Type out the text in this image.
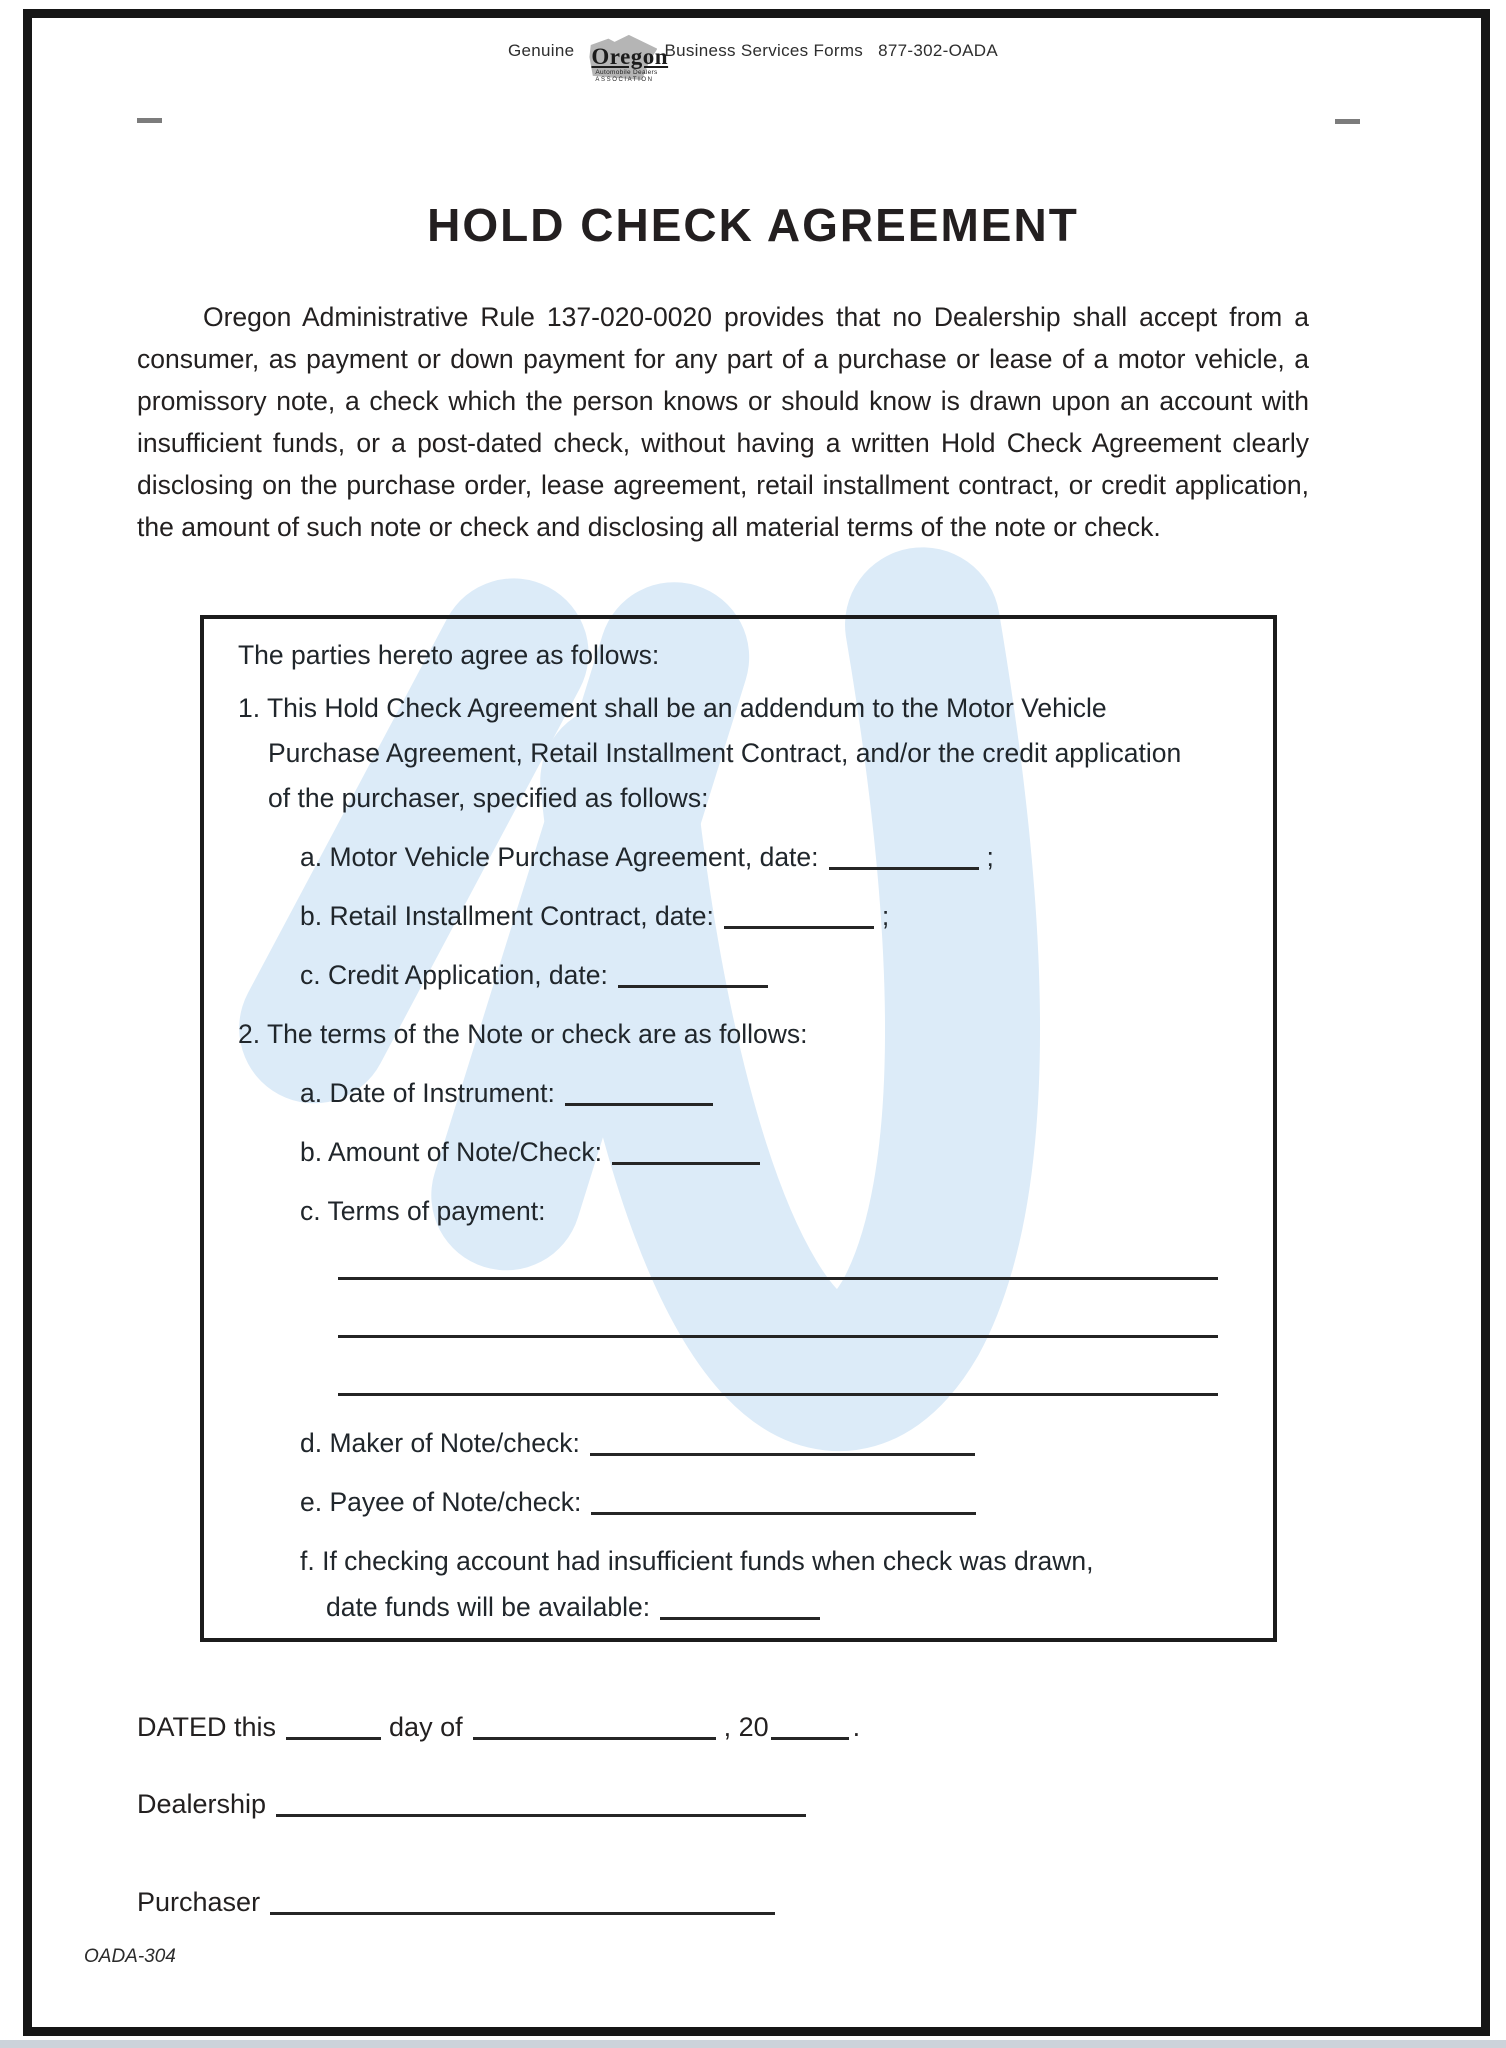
Genuine Oregon
Automobile Dealers
ASSOCIATION
Business Services Forms 877-302-OADA
HOLD CHECK AGREEMENT

Oregon Administrative Rule 137-020-0020 provides that no Dealership shall accept from a consumer, as payment or down payment for any part of a purchase or lease of a motor vehicle, a promissory note, a check which the person knows or should know is drawn upon an account with insufficient funds, or a post-dated check, without having a written Hold Check Agreement clearly disclosing on the purchase order, lease agreement, retail installment contract, or credit application, the amount of such note or check and disclosing all material terms of the note or check.

The parties hereto agree as follows:
1. This Hold Check Agreement shall be an addendum to the Motor Vehicle
Purchase Agreement, Retail Installment Contract, and/or the credit application
of the purchaser, specified as follows:
a. Motor Vehicle Purchase Agreement, date:	;
b. Retail Installment Contract, date:	;
c. Credit Application, date:
2. The terms of the Note or check are as follows:
a. Date of Instrument:
b. Amount of Note/Check:
c. Terms of payment:
d. Maker of Note/check:
e. Payee of Note/check:
f. If checking account had insufficient funds when check was drawn,
date funds will be available:
DATED this	day of	, 20	.
Dealership
Purchaser
OADA-304
